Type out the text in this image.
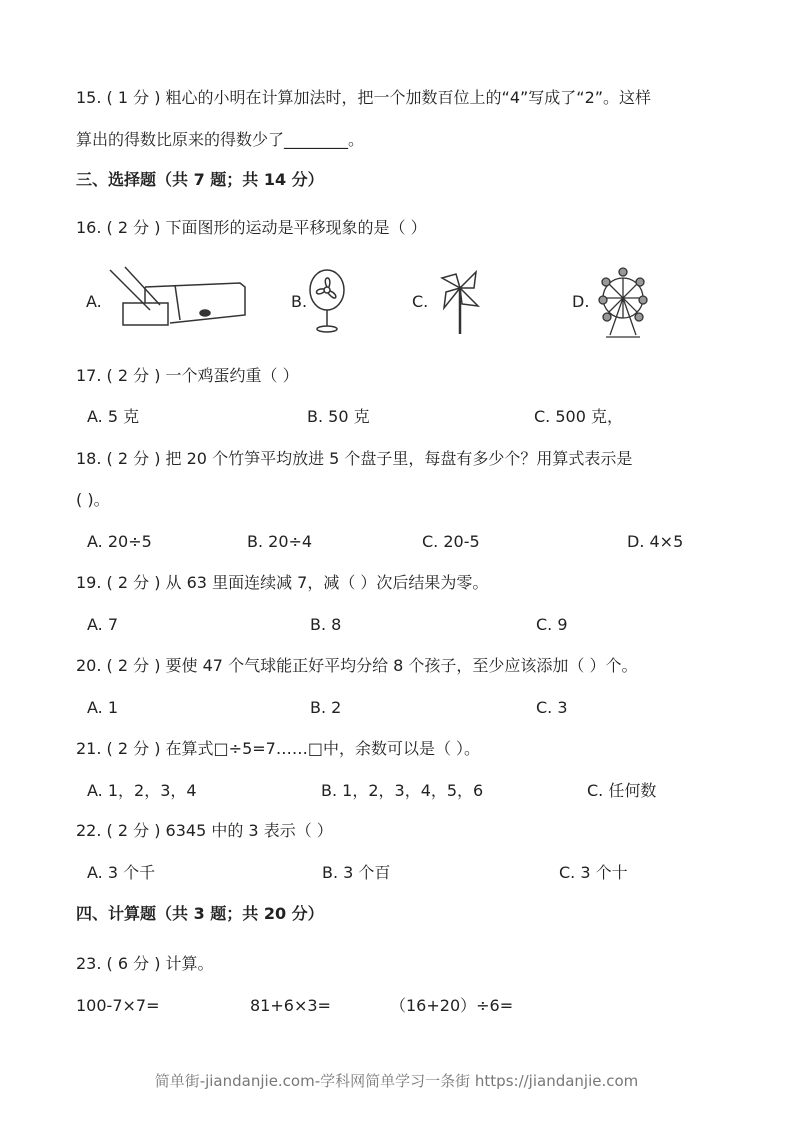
15. ( 1 分 ) 粗心的小明在计算加法时，把一个加数百位上的“4”写成了“2”。这样
算出的得数比原来的得数少了________。
三、选择题（共 7 题；共 14 分）
16. ( 2 分 ) 下面图形的运动是平移现象的是（ ）
A.	B.	C.	D.
17. ( 2 分 ) 一个鸡蛋约重（ ）
A. 5 克	B. 50 克	C. 500 克，
18. ( 2 分 ) 把 20 个竹笋平均放进 5 个盘子里，每盘有多少个？用算式表示是
( )。
A. 20÷5	B. 20÷4	C. 20-5	D. 4×5
19. ( 2 分 ) 从 63 里面连续减 7，减（ ）次后结果为零。
A. 7	B. 8	C. 9
20. ( 2 分 ) 要使 47 个气球能正好平均分给 8 个孩子，至少应该添加（ ）个。
A. 1	B. 2	C. 3
21. ( 2 分 ) 在算式□÷5=7……□中，余数可以是（ ）。
A. 1，2，3，4	B. 1，2，3，4，5，6	C. 任何数
22. ( 2 分 ) 6345 中的 3 表示（ ）
A. 3 个千	B. 3 个百	C. 3 个十
四、计算题（共 3 题；共 20 分）
23. ( 6 分 ) 计算。
100-7×7=	81+6×3=	（16+20）÷6=
简单街-jiandanjie.com-学科网简单学习一条街 https://jiandanjie.com
